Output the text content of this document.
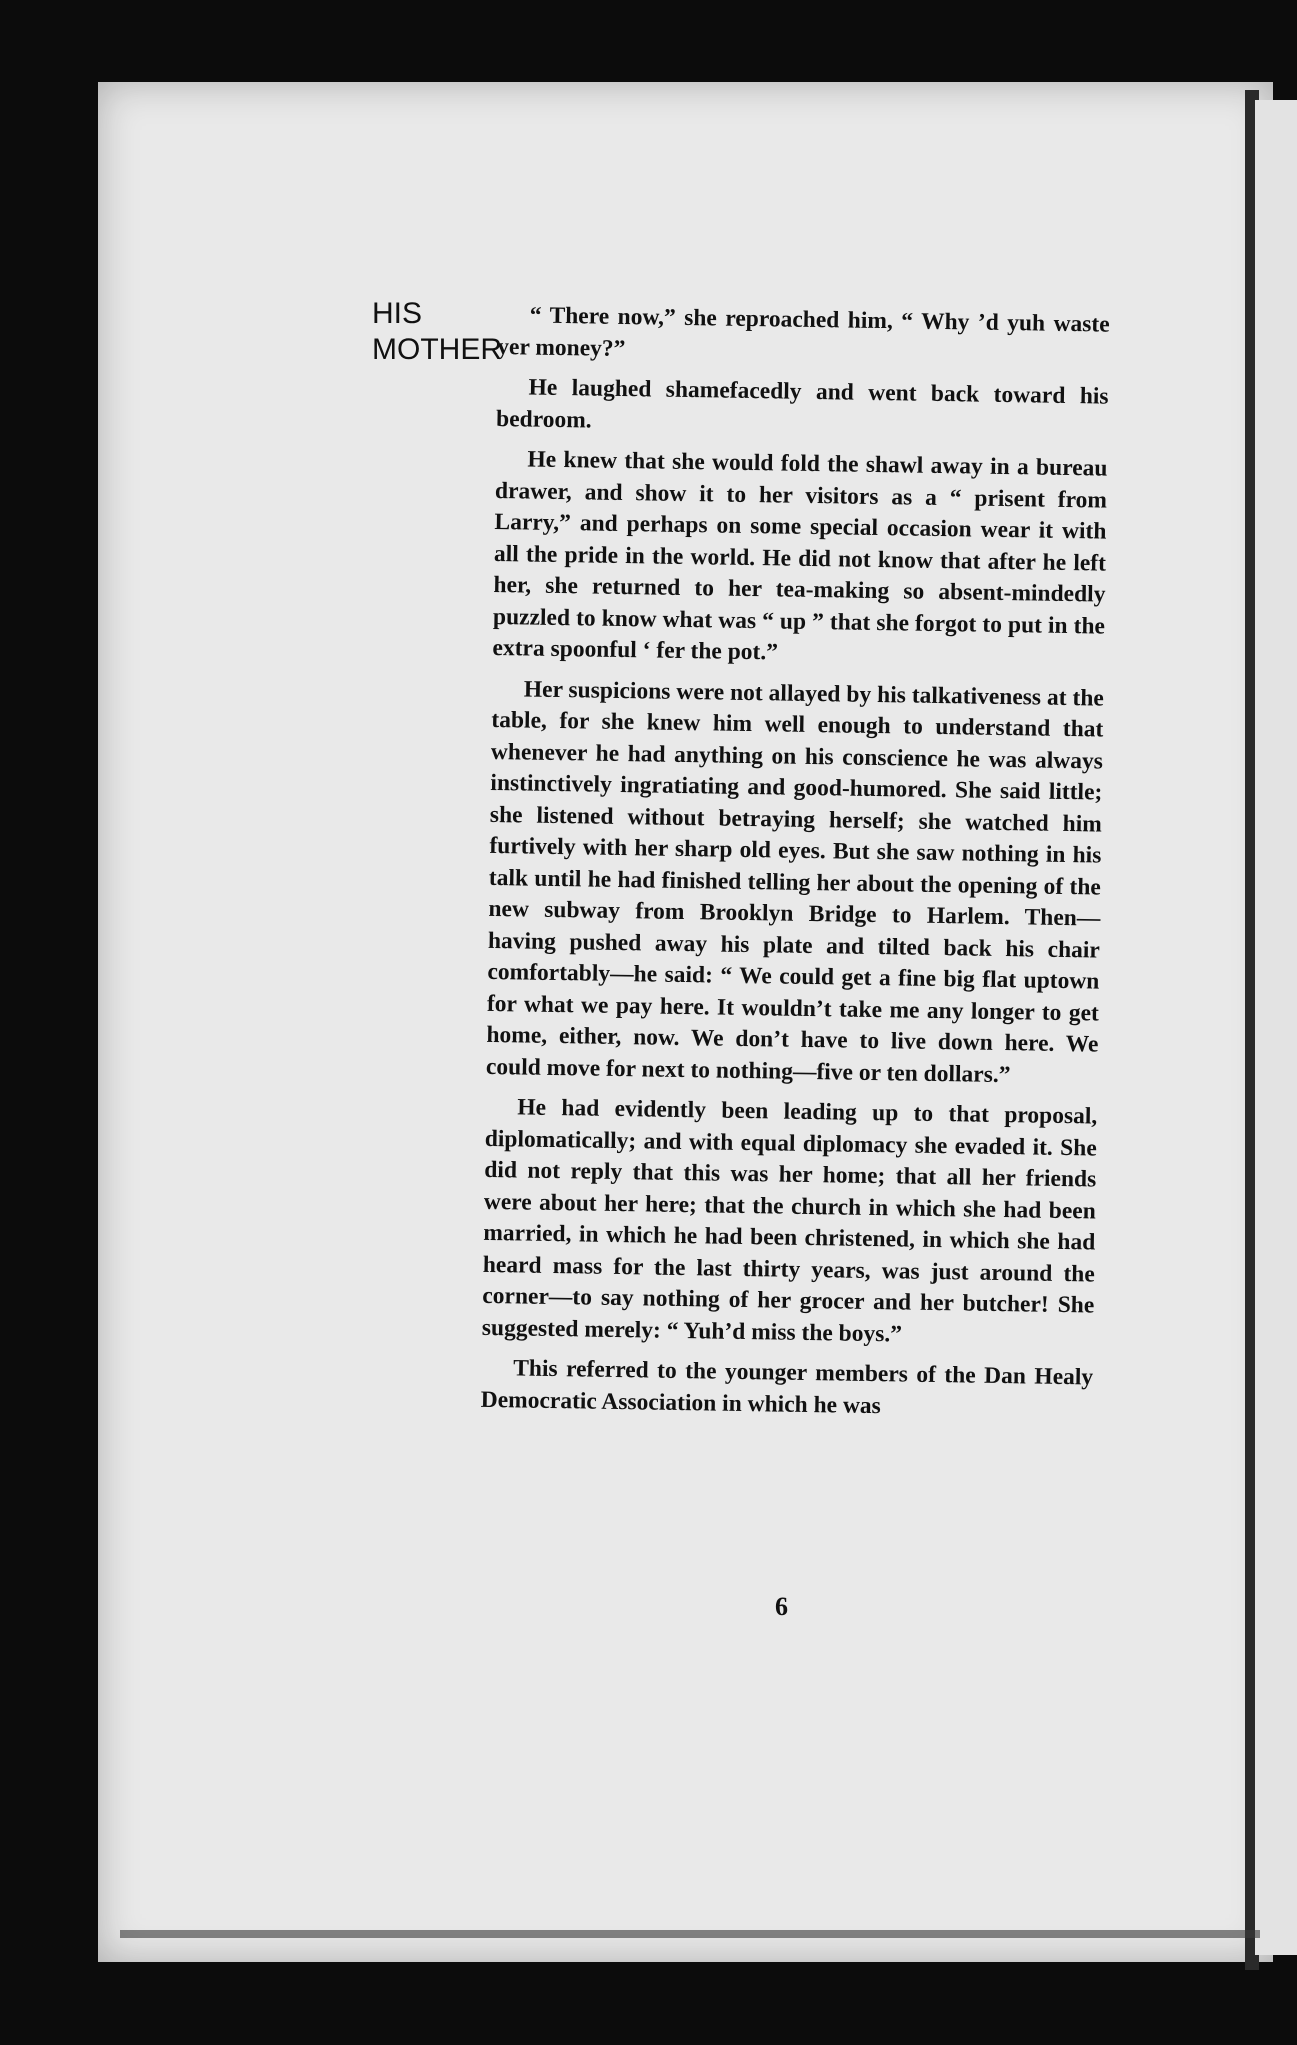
HIS
MOTHER

“ There now,” she reproached him, “ Why ’d yuh waste yer money?”

He laughed shamefacedly and went back toward his bedroom.

He knew that she would fold the shawl away in a bureau drawer, and show it to her visitors as a “ prisent from Larry,” and perhaps on some special occasion wear it with all the pride in the world. He did not know that after he left her, she returned to her tea-making so absent-mindedly puzzled to know what was “ up ” that she forgot to put in the extra spoonful ‘ fer the pot.”

Her suspicions were not allayed by his talkativeness at the table, for she knew him well enough to understand that whenever he had anything on his conscience he was always instinctively ingratiating and good-humored. She said little; she listened without betraying herself; she watched him furtively with her sharp old eyes. But she saw nothing in his talk until he had finished telling her about the opening of the new subway from Brooklyn Bridge to Harlem. Then—having pushed away his plate and tilted back his chair comfortably—he said: “ We could get a fine big flat uptown for what we pay here. It wouldn’t take me any longer to get home, either, now. We don’t have to live down here. We could move for next to nothing—five or ten dollars.”

He had evidently been leading up to that proposal, diplomatically; and with equal diplomacy she evaded it. She did not reply that this was her home; that all her friends were about her here; that the church in which she had been married, in which he had been christened, in which she had heard mass for the last thirty years, was just around the corner—to say nothing of her grocer and her butcher! She suggested merely: “ Yuh’d miss the boys.”

This referred to the younger members of the Dan Healy Democratic Association in which he was

6
